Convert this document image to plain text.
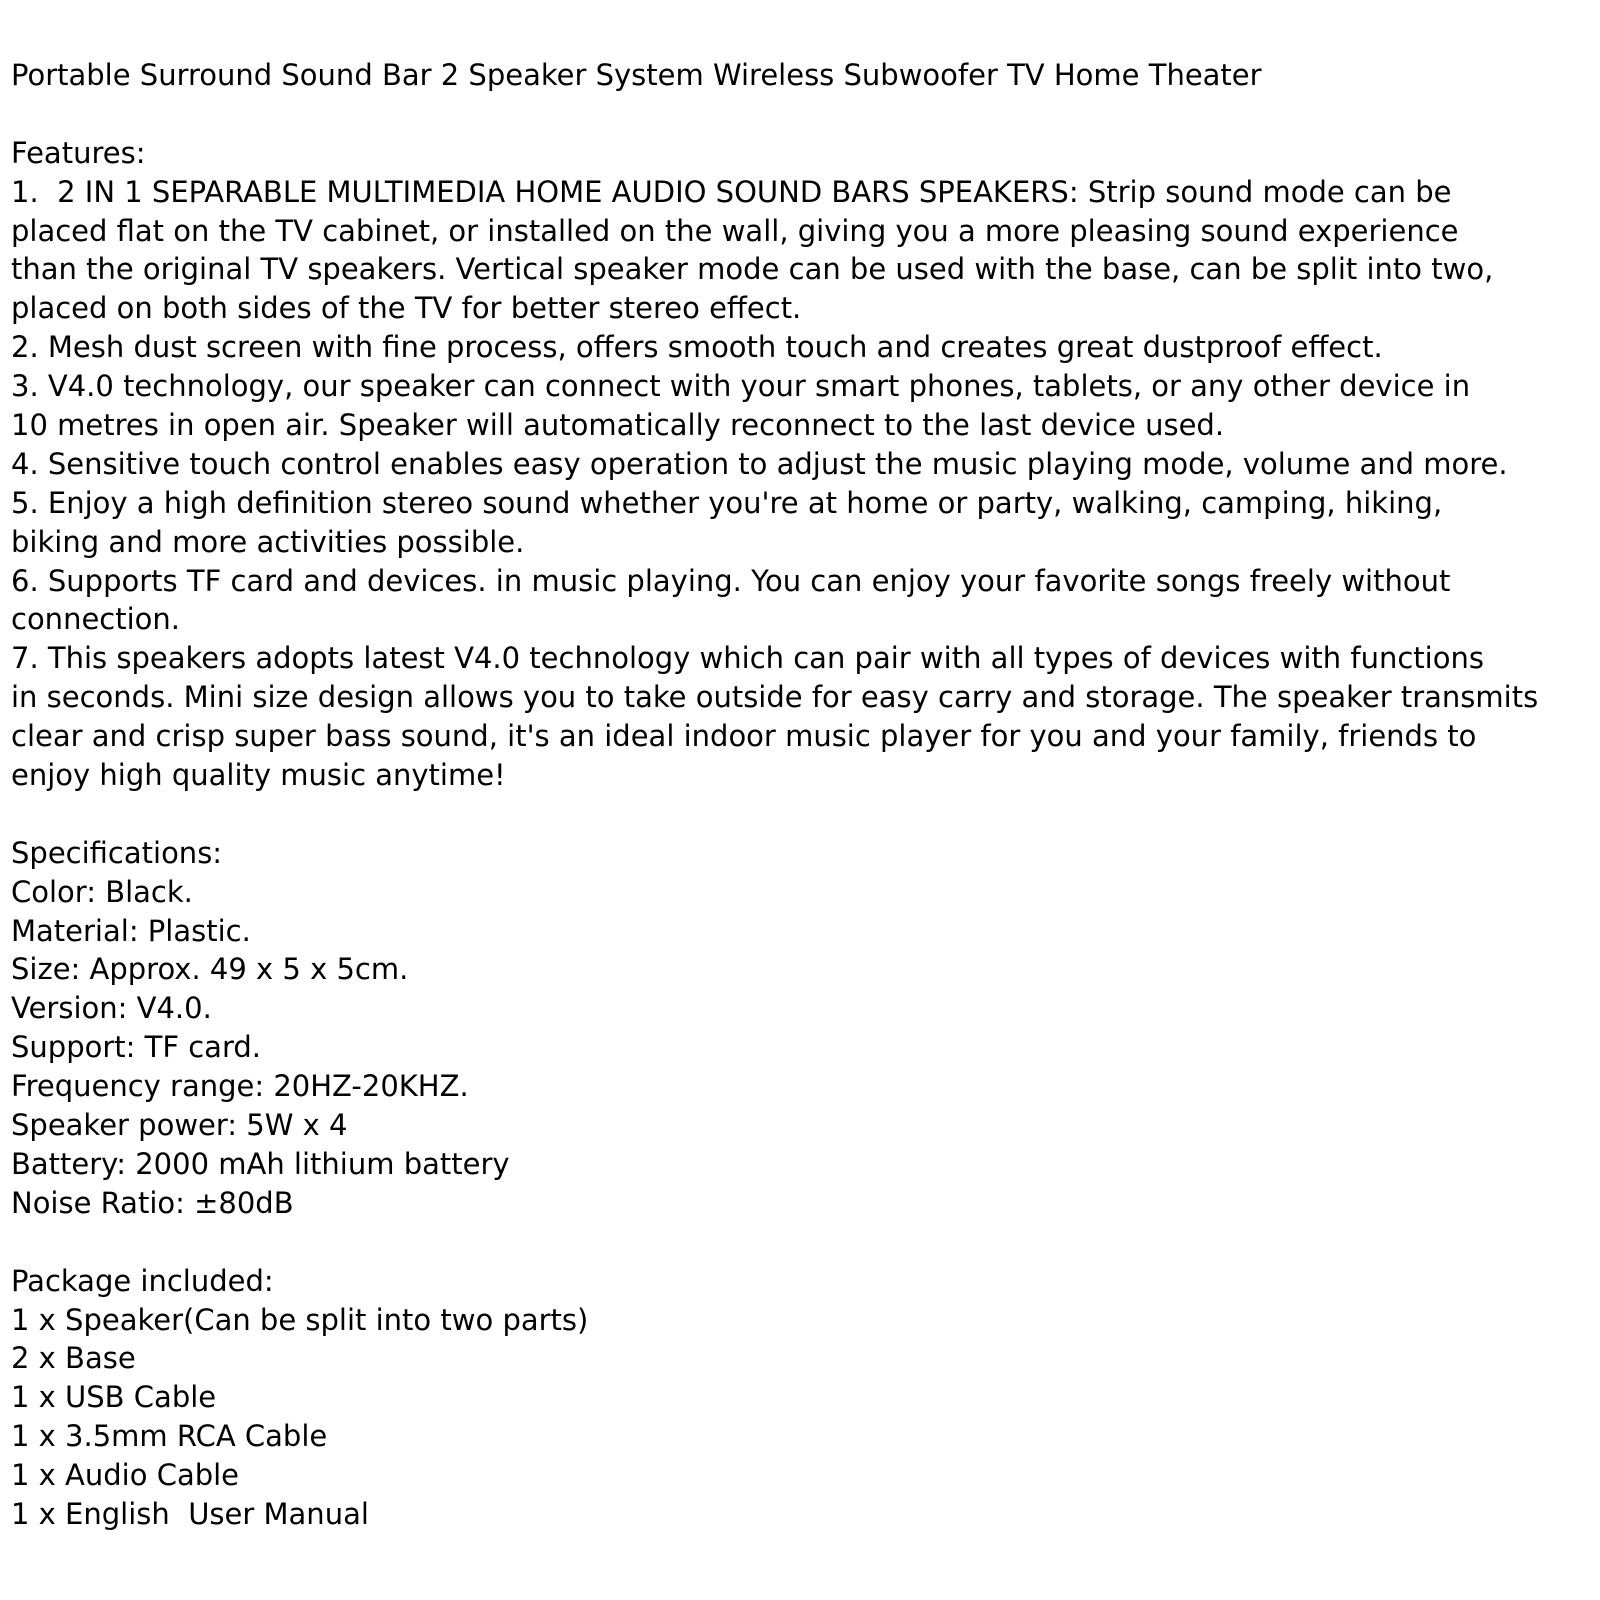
Portable Surround Sound Bar 2 Speaker System Wireless Subwoofer TV Home Theater
Features:
1.  2 IN 1 SEPARABLE MULTIMEDIA HOME AUDIO SOUND BARS SPEAKERS: Strip sound mode can be
placed flat on the TV cabinet, or installed on the wall, giving you a more pleasing sound experience
than the original TV speakers. Vertical speaker mode can be used with the base, can be split into two,
placed on both sides of the TV for better stereo effect.
2. Mesh dust screen with fine process, offers smooth touch and creates great dustproof effect.
3. V4.0 technology, our speaker can connect with your smart phones, tablets, or any other device in
10 metres in open air. Speaker will automatically reconnect to the last device used.
4. Sensitive touch control enables easy operation to adjust the music playing mode, volume and more.
5. Enjoy a high definition stereo sound whether you're at home or party, walking, camping, hiking,
biking and more activities possible.
6. Supports TF card and devices. in music playing. You can enjoy your favorite songs freely without
connection.
7. This speakers adopts latest V4.0 technology which can pair with all types of devices with functions
in seconds. Mini size design allows you to take outside for easy carry and storage. The speaker transmits
clear and crisp super bass sound, it's an ideal indoor music player for you and your family, friends to
enjoy high quality music anytime!
Specifications:
Color: Black.
Material: Plastic.
Size: Approx. 49 x 5 x 5cm.
Version: V4.0.
Support: TF card.
Frequency range: 20HZ-20KHZ.
Speaker power: 5W x 4
Battery: 2000 mAh lithium battery
Noise Ratio: ±80dB
Package included:
1 x Speaker(Can be split into two parts)
2 x Base
1 x USB Cable
1 x 3.5mm RCA Cable
1 x Audio Cable
1 x English  User Manual
